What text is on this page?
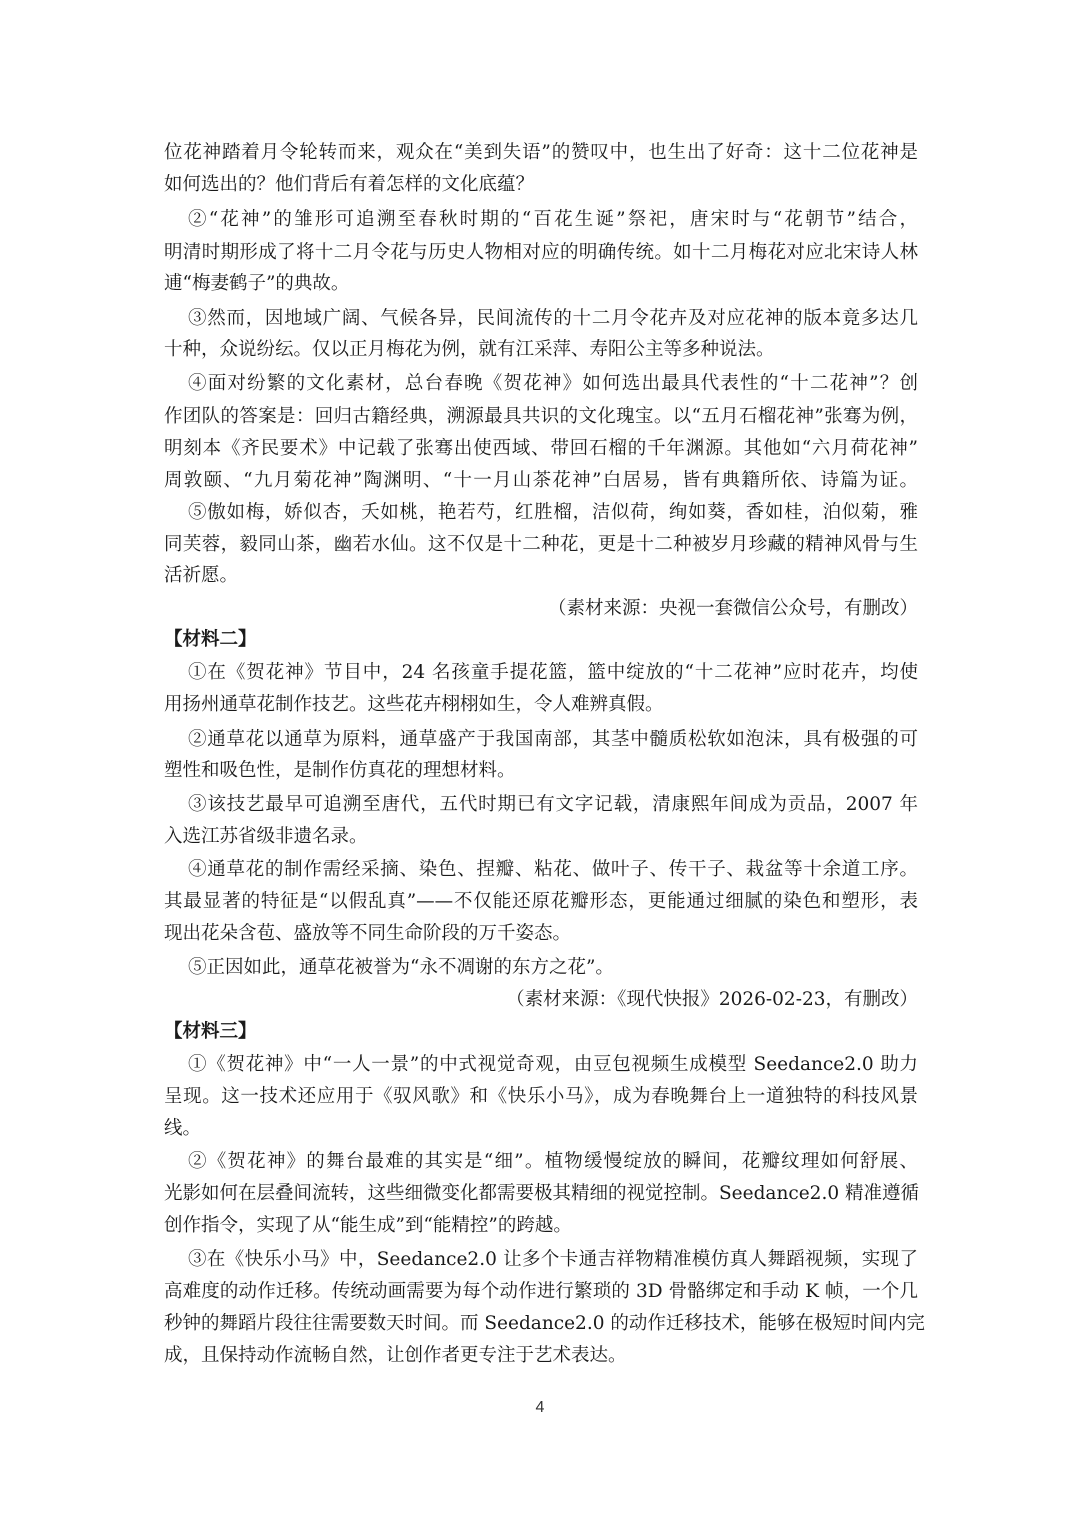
位花神踏着月令轮转而来，观众在“美到失语”的赞叹中，也生出了好奇：这十二位花神是
如何选出的？他们背后有着怎样的文化底蕴？
②“花神”的雏形可追溯至春秋时期的“百花生诞”祭祀，唐宋时与“花朝节”结合，
明清时期形成了将十二月令花与历史人物相对应的明确传统。如十二月梅花对应北宋诗人林
逋“梅妻鹤子”的典故。
③然而，因地域广阔、气候各异，民间流传的十二月令花卉及对应花神的版本竟多达几
十种，众说纷纭。仅以正月梅花为例，就有江采萍、寿阳公主等多种说法。
④面对纷繁的文化素材，总台春晚《贺花神》如何选出最具代表性的“十二花神”？创
作团队的答案是：回归古籍经典，溯源最具共识的文化瑰宝。以“五月石榴花神”张骞为例，
明刻本《齐民要术》中记载了张骞出使西域、带回石榴的千年渊源。其他如“六月荷花神”
周敦颐、“九月菊花神”陶渊明、“十一月山茶花神”白居易，皆有典籍所依、诗篇为证。
⑤傲如梅，娇似杏，夭如桃，艳若芍，红胜榴，洁似荷，绚如葵，香如桂，泊似菊，雅
同芙蓉，毅同山茶，幽若水仙。这不仅是十二种花，更是十二种被岁月珍藏的精神风骨与生
活祈愿。
（素材来源：央视一套微信公众号，有删改）
【材料二】
①在《贺花神》节目中，24 名孩童手提花篮，篮中绽放的“十二花神”应时花卉，均使
用扬州通草花制作技艺。这些花卉栩栩如生，令人难辨真假。
②通草花以通草为原料，通草盛产于我国南部，其茎中髓质松软如泡沫，具有极强的可
塑性和吸色性，是制作仿真花的理想材料。
③该技艺最早可追溯至唐代，五代时期已有文字记载，清康熙年间成为贡品，2007 年
入选江苏省级非遗名录。
④通草花的制作需经采摘、染色、捏瓣、粘花、做叶子、传干子、栽盆等十余道工序。
其最显著的特征是“以假乱真”——不仅能还原花瓣形态，更能通过细腻的染色和塑形，表
现出花朵含苞、盛放等不同生命阶段的万千姿态。
⑤正因如此，通草花被誉为“永不凋谢的东方之花”。
（素材来源：《现代快报》2026-02-23，有删改）
【材料三】
①《贺花神》中“一人一景”的中式视觉奇观，由豆包视频生成模型 Seedance2.0 助力
呈现。这一技术还应用于《驭风歌》和《快乐小马》，成为春晚舞台上一道独特的科技风景
线。
②《贺花神》的舞台最难的其实是“细”。植物缓慢绽放的瞬间，花瓣纹理如何舒展、
光影如何在层叠间流转，这些细微变化都需要极其精细的视觉控制。Seedance2.0 精准遵循
创作指令，实现了从“能生成”到“能精控”的跨越。
③在《快乐小马》中，Seedance2.0 让多个卡通吉祥物精准模仿真人舞蹈视频，实现了
高难度的动作迁移。传统动画需要为每个动作进行繁琐的 3D 骨骼绑定和手动 K 帧，一个几
秒钟的舞蹈片段往往需要数天时间。而 Seedance2.0 的动作迁移技术，能够在极短时间内完
成，且保持动作流畅自然，让创作者更专注于艺术表达。
4
